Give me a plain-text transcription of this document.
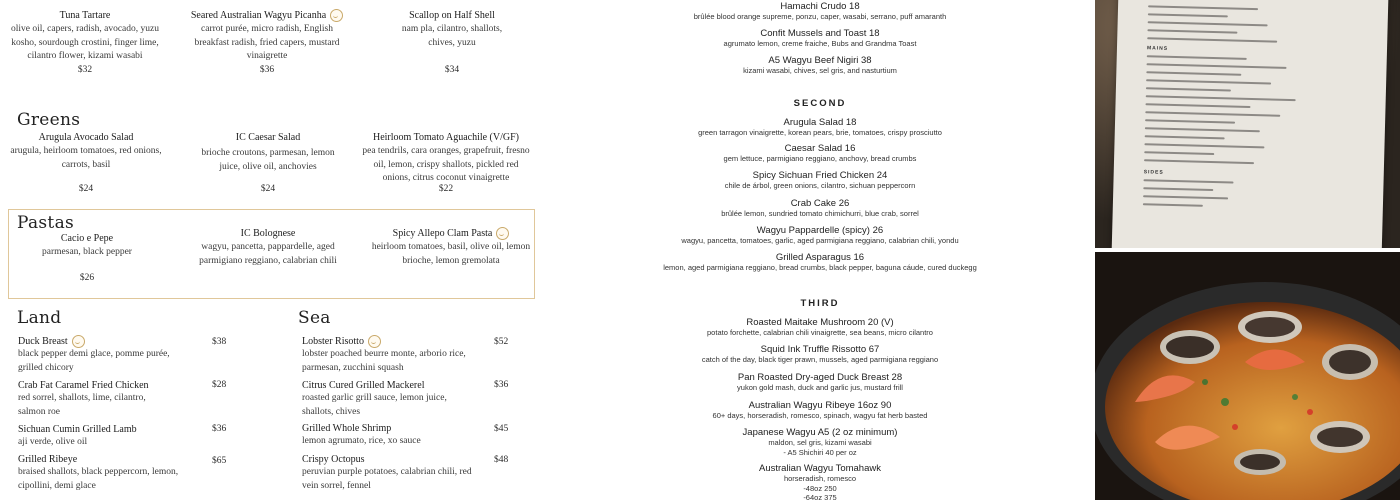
Tuna Tartare
olive oil, capers, radish, avocado, yuzu kosho, sourdough crostini, finger lime, cilantro flower, kizami wasabi
$32
Seared Australian Wagyu Picanha
carrot purée, micro radish, English breakfast radish, fried capers, mustard vinaigrette
$36
Scallop on Half Shell
nam pla, cilantro, shallots, chives, yuzu
$34
Greens
Arugula Avocado Salad
arugula, heirloom tomatoes, red onions, carrots, basil
$24
IC Caesar Salad
brioche croutons, parmesan, lemon juice, olive oil, anchovies
$24
Heirloom Tomato Aguachile (V/GF)
pea tendrils, cara oranges, grapefruit, fresno oil, lemon, crispy shallots, pickled red onions, citrus coconut vinaigrette
$22
Pastas
Cacio e Pepe
parmesan, black pepper
$26
IC Bolognese
wagyu, pancetta, pappardelle, aged parmigiano reggiano, calabrian chili
Spicy Allepo Clam Pasta
heirloom tomatoes, basil, olive oil, lemon brioche, lemon gremolata
Land
Duck Breast
black pepper demi glace, pomme purée, grilled chicory
$38
Crab Fat Caramel Fried Chicken
red sorrel, shallots, lime, cilantro, salmon roe
$28
Sichuan Cumin Grilled Lamb
aji verde, olive oil
$36
Grilled Ribeye
braised shallots, black peppercorn, lemon, cipollini, demi glace
$65
Sea
Lobster Risotto
lobster poached beurre monte, arborio rice, parmesan, zucchini squash
$52
Citrus Cured Grilled Mackerel
roasted garlic grill sauce, lemon juice, shallots, chives
$36
Grilled Whole Shrimp
lemon agrumato, rice, xo sauce
$45
Crispy Octopus
peruvian purple potatoes, calabrian chili, red vein sorrel, fennel
$48
Hamachi Crudo 18
brûlée blood orange supreme, ponzu, caper, wasabi, serrano, puff amaranth
Confit Mussels and Toast 18
agrumato lemon, creme fraiche, Bubs and Grandma Toast
A5 Wagyu Beef Nigiri 38
kizami wasabi, chives, sel gris, and nasturtium
SECOND
Arugula Salad 18
green tarragon vinaigrette, korean pears, brie, tomatoes, crispy prosciutto
Caesar Salad 16
gem lettuce, parmigiano reggiano, anchovy, bread crumbs
Spicy Sichuan Fried Chicken 24
chile de árbol, green onions, cilantro, sichuan peppercorn
Crab Cake 26
brûlée lemon, sundried tomato chimichurri, blue crab, sorrel
Wagyu Pappardelle (spicy) 26
wagyu, pancetta, tomatoes, garlic, aged parmigiana reggiano, calabrian chili, yondu
Grilled Asparagus 16
lemon, aged parmigiana reggiano, bread crumbs, black pepper, baguna cáude, cured duckegg
THIRD
Roasted Maitake Mushroom 20 (V)
potato forchette, calabrian chili vinaigrette, sea beans, micro cilantro
Squid Ink Truffle Rissotto 67
catch of the day, black tiger prawn, mussels, aged parmigiana reggiano
Pan Roasted Dry-aged Duck Breast 28
yukon gold mash, duck and garlic jus, mustard frill
Australian Wagyu Ribeye 16oz 90
60+ days, horseradish, romesco, spinach, wagyu fat herb basted
Japanese Wagyu A5 (2 oz minimum)
maldon, sel gris, kizami wasabi
- A5 Shichiri 40 per oz
Australian Wagyu Tomahawk
horseradish, romesco
-48oz 250
-64oz 375
MAINS
SIDES
